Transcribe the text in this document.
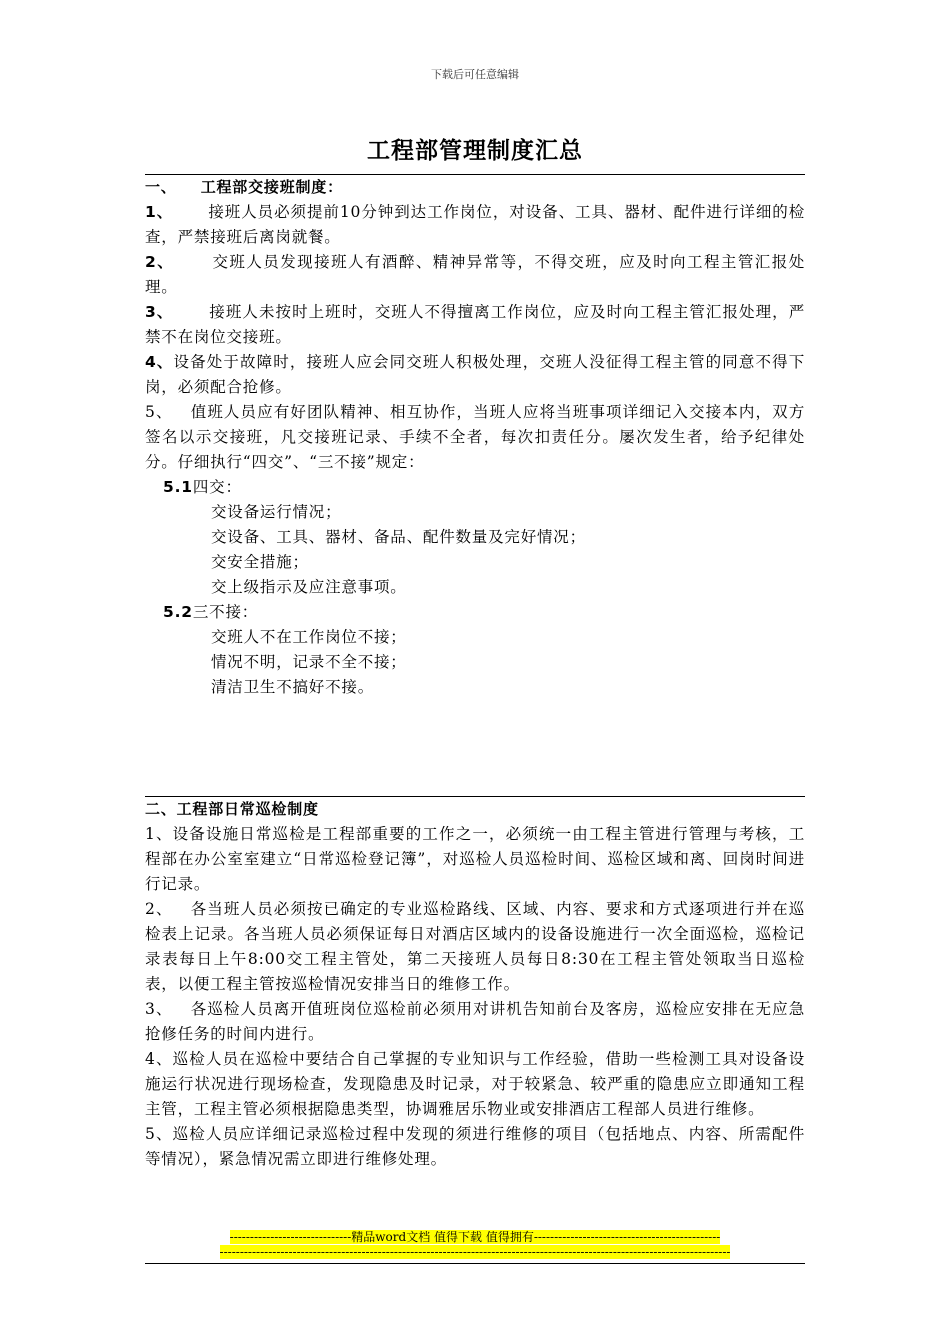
下载后可任意编辑
工程部管理制度汇总

一、    工程部交接班制度：

1、      接班人员必须提前10分钟到达工作岗位，对设备、工具、器材、配件进行详细的检查，严禁接班后离岗就餐。

2、      交班人员发现接班人有酒醉、精神异常等，不得交班，应及时向工程主管汇报处理。

3、      接班人未按时上班时，交班人不得擅离工作岗位，应及时向工程主管汇报处理，严禁不在岗位交接班。

4、设备处于故障时，接班人应会同交班人积极处理，交班人没征得工程主管的同意不得下岗，必须配合抢修。

5、   值班人员应有好团队精神、相互协作，当班人应将当班事项详细记入交接本内，双方签名以示交接班，凡交接班记录、手续不全者，每次扣责任分。屡次发生者，给予纪律处分。仔细执行“四交”、“三不接”规定：

5.1四交：

交设备运行情况；

交设备、工具、器材、备品、配件数量及完好情况；

交安全措施；

交上级指示及应注意事项。

5.2三不接：

交班人不在工作岗位不接；

情况不明，记录不全不接；

清洁卫生不搞好不接。

二、工程部日常巡检制度

1、设备设施日常巡检是工程部重要的工作之一，必须统一由工程主管进行管理与考核，工程部在办公室室建立“日常巡检登记簿”，对巡检人员巡检时间、巡检区域和离、回岗时间进行记录。

2、   各当班人员必须按已确定的专业巡检路线、区域、内容、要求和方式逐项进行并在巡检表上记录。各当班人员必须保证每日对酒店区域内的设备设施进行一次全面巡检，巡检记录表每日上午8:00交工程主管处，第二天接班人员每日8:30在工程主管处领取当日巡检表，以便工程主管按巡检情况安排当日的维修工作。

3、   各巡检人员离开值班岗位巡检前必须用对讲机告知前台及客房，巡检应安排在无应急抢修任务的时间内进行。

4、巡检人员在巡检中要结合自己掌握的专业知识与工作经验，借助一些检测工具对设备设施运行状况进行现场检查，发现隐患及时记录，对于较紧急、较严重的隐患应立即通知工程主管，工程主管必须根据隐患类型，协调雅居乐物业或安排酒店工程部人员进行维修。

5、巡检人员应详细记录巡检过程中发现的须进行维修的项目（包括地点、内容、所需配件等情况），紧急情况需立即进行维修处理。

------------------------------精品word文档 值得下载 值得拥有----------------------------------------------
------------------------------------------------------------------------------------------------------------------------------
